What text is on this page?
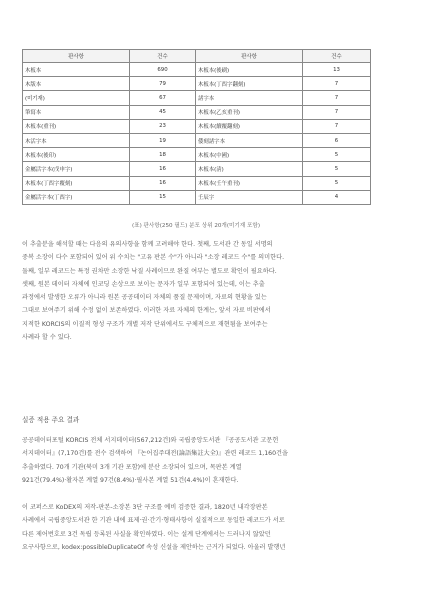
판사항	건수	판사항	건수
木板本	690	木板本(後刷)	13
木版本	79	木板本(丁酉字翻刻)	7
(미기재)	67	諸字本	7
筆寫本	45	木板本(乙亥重刊)	7
木板本(重刊)	23	木板本(續覆翻刻)	7
木活字本	19	倭刻諸字本	6
木板本(後印)	18	木板本(中國)	5
金屬活字本(戊申字)	16	木板本(淸)	5
木板本(丁酉字覆刻)	16	木板本(壬午重刊)	5
金屬活字本(丁酉字)	15	壬辰字	4
(표) 판사항(250 필드) 분포 상위 20개(미기재 포함)
이 추출분을 해석할 때는 다음의 유의사항을 함께 고려해야 한다. 첫째, 도서관 간 동일 서명의
중복 소장이 다수 포함되어 있어 위 수치는 "고유 판본 수"가 아니라 "소장 레코드 수"를 의미한다.
둘째, 일부 레코드는 특정 권차만 소장한 낙질 사례이므로 완질 여부는 별도로 확인이 필요하다.
셋째, 원본 데이터 자체에 인코딩 손상으로 보이는 문자가 일부 포함되어 있는데, 이는 추출
과정에서 발생한 오류가 아니라 원본 공공데이터 자체의 품질 문제이며, 자료의 현황을 있는
그대로 보여주기 위해 수정 없이 보존하였다. 이러한 자료 자체의 한계는, 앞서 자료 비판에서
지적한 KORCIS의 이질적 형성 구조가 개별 저작 단위에서도 구체적으로 재현됨을 보여주는
사례라 할 수 있다.
실증 적용 주요 결과
공공데이터포털 KORCIS 전체 서지데이터(567,212건)와 국립중앙도서관 『공공도서관 고문헌
서지데이터』(7,170건)를 전수 검색하여 『논어집주대전(論語集註大全)』관련 레코드 1,160건을
추출하였다. 70개 기관(북미 3개 기관 포함)에 분산 소장되어 있으며, 목판본 계열
921건(79.4%)·활자본 계열 97건(8.4%)·필사본 계열 51건(4.4%)이 혼재한다.
이 코퍼스로 KoDEX의 저작-판본-소장본 3단 구조를 예비 검증한 결과, 1820년 내각장판본
사례에서 국립중앙도서관 한 기관 내에 표제·권·간기·형태사항이 실질적으로 동일한 레코드가 서로
다른 제어번호로 3건 독립 등록된 사실을 확인하였다. 이는 설계 단계에서는 드러나지 않았던
요구사항으로, kodex:possibleDuplicateOf 속성 신설을 제안하는 근거가 되었다. 아울러 발행년
